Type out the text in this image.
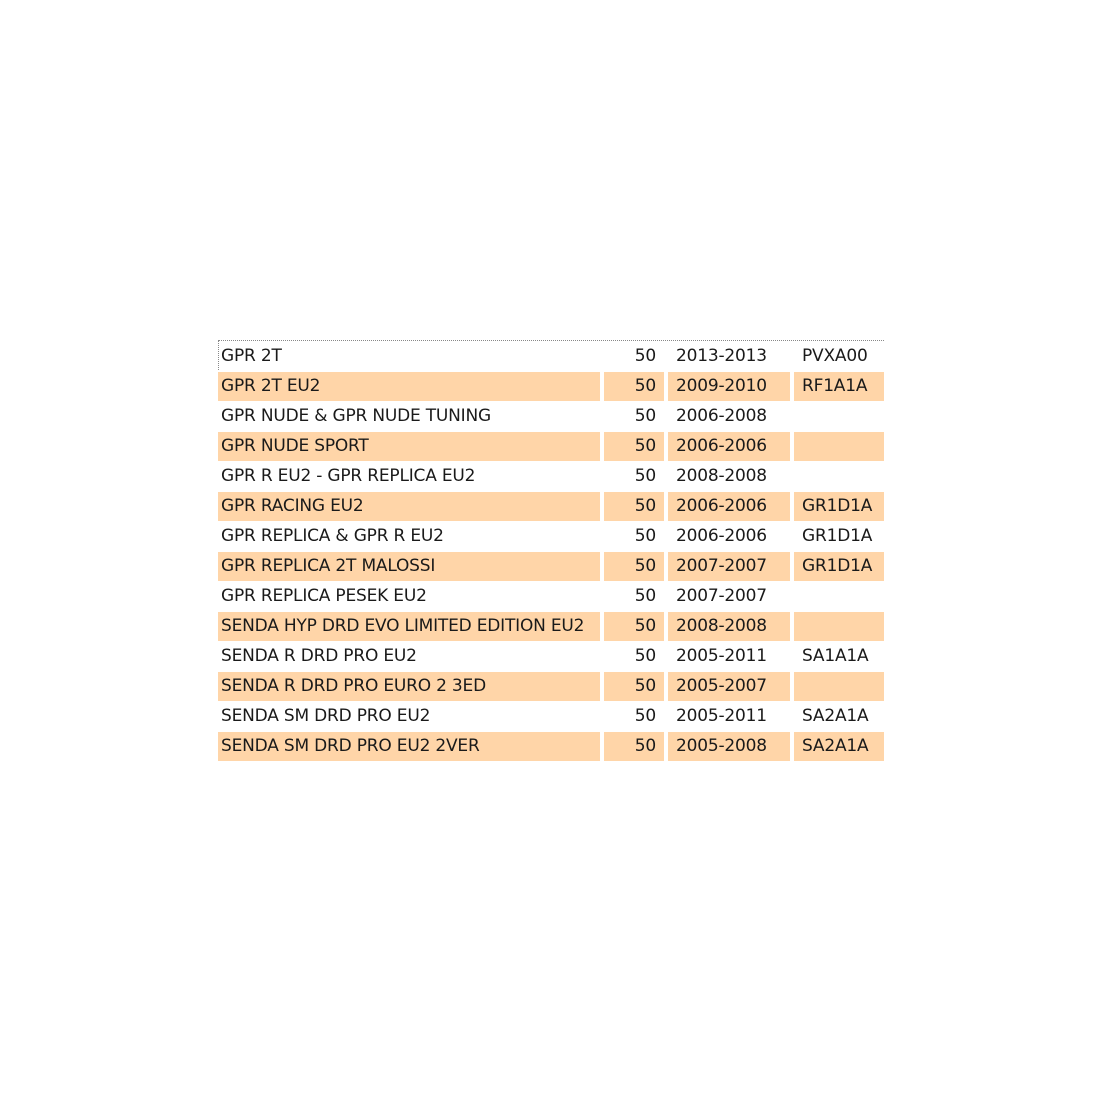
GPR 2T	50	2013-2013	PVXA00
GPR 2T EU2	50	2009-2010	RF1A1A
GPR NUDE & GPR NUDE TUNING	50	2006-2008	
GPR NUDE SPORT	50	2006-2006	
GPR R EU2 - GPR REPLICA EU2	50	2008-2008	
GPR RACING EU2	50	2006-2006	GR1D1A
GPR REPLICA & GPR R EU2	50	2006-2006	GR1D1A
GPR REPLICA 2T MALOSSI	50	2007-2007	GR1D1A
GPR REPLICA PESEK EU2	50	2007-2007	
SENDA HYP DRD EVO LIMITED EDITION EU2	50	2008-2008	
SENDA R DRD PRO EU2	50	2005-2011	SA1A1A
SENDA R DRD PRO EURO 2 3ED	50	2005-2007	
SENDA SM DRD PRO EU2	50	2005-2011	SA2A1A
SENDA SM DRD PRO EU2 2VER	50	2005-2008	SA2A1A
